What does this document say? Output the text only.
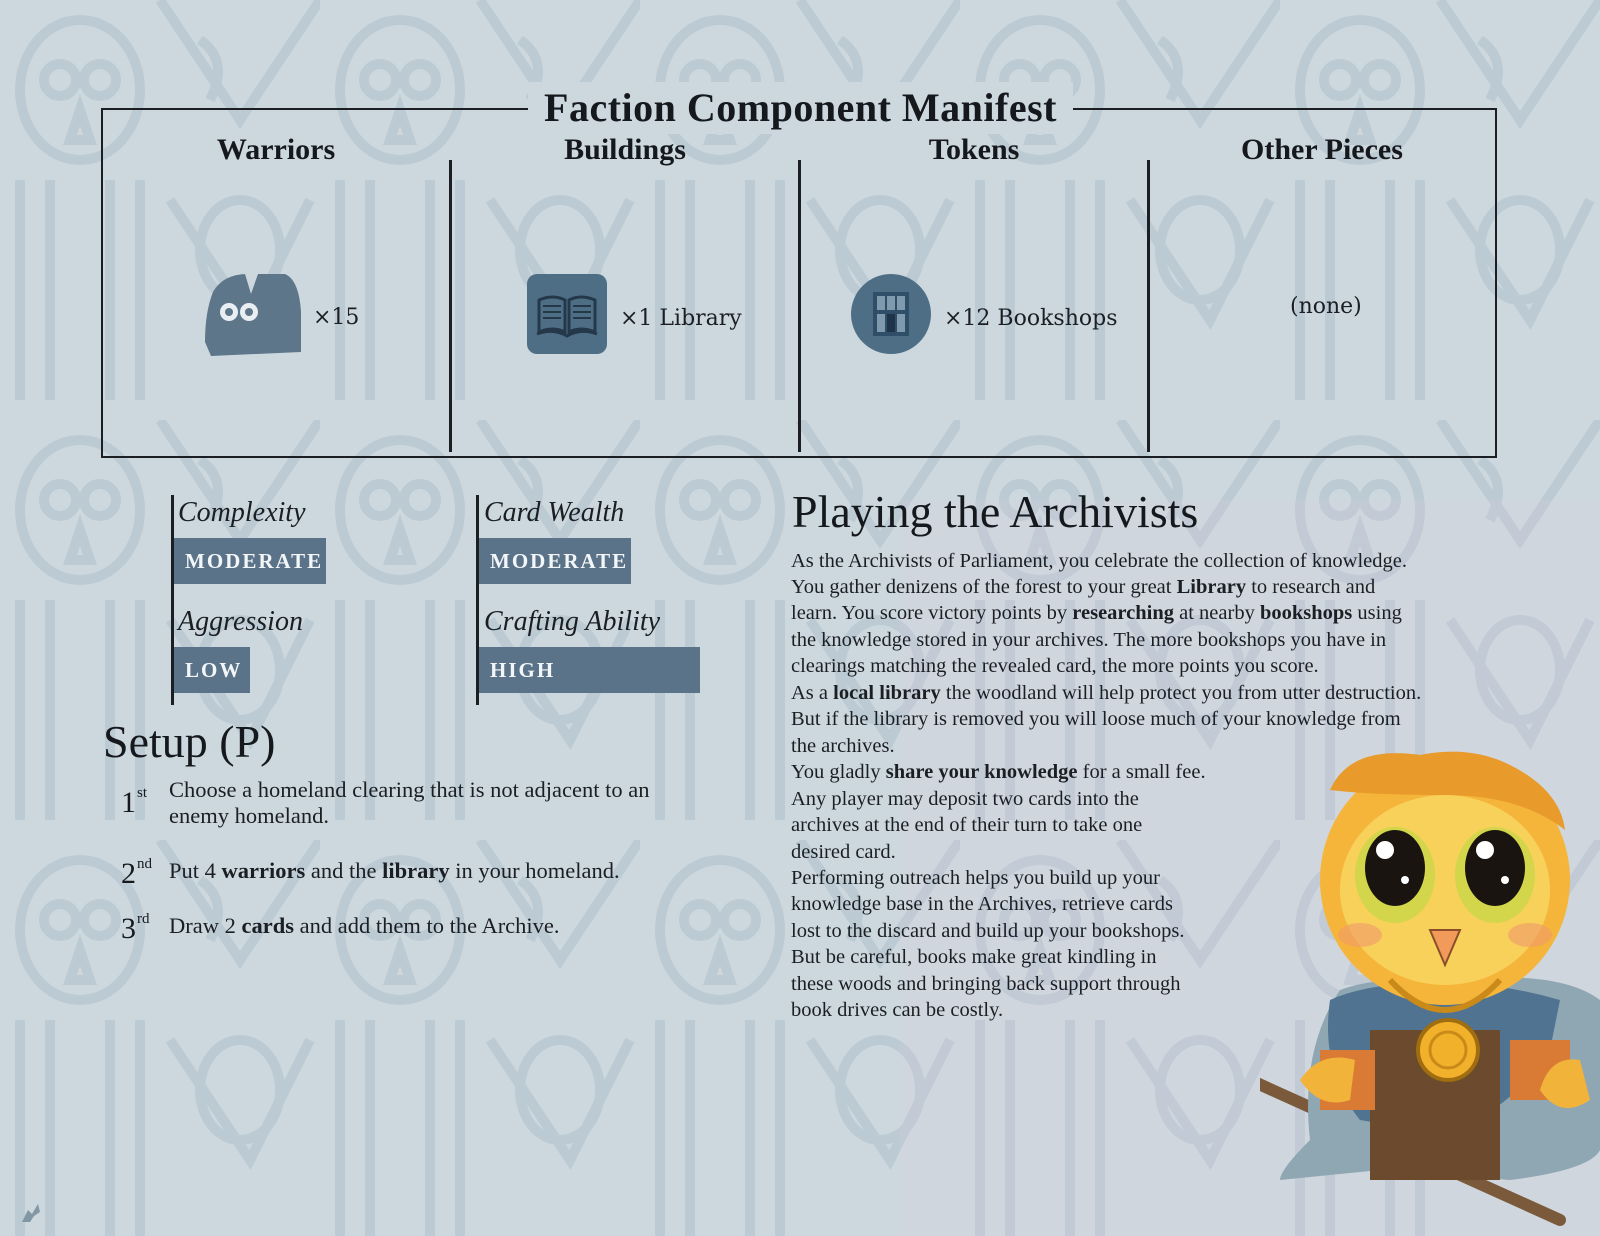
Faction Component Manifest
Warriors	Buildings	Tokens	Other Pieces
×15	×1 Library	×12 Bookshops	(none)
Complexity
MODERATE
Aggression
LOW
Card Wealth
MODERATE
Crafting Ability
HIGH
Setup (P)
1 st Choose a homeland clearing that is not adjacent to an
enemy homeland.
2 nd Put 4 warriors and the library in your homeland.
3 rd Draw 2 cards and add them to the Archive.
Playing the Archivists
As the Archivists of Parliament, you celebrate the collection of knowledge.
You gather denizens of the forest to your great Library to research and
learn. You score victory points by researching at nearby bookshops using
the knowledge stored in your archives. The more bookshops you have in
clearings matching the revealed card, the more points you score.
As a local library the woodland will help protect you from utter destruction.
But if the library is removed you will loose much of your knowledge from
the archives.
You gladly share your knowledge for a small fee.
Any player may deposit two cards into the
archives at the end of their turn to take one
desired card.
Performing outreach helps you build up your
knowledge base in the Archives, retrieve cards
lost to the discard and build up your bookshops.
But be careful, books make great kindling in
these woods and bringing back support through
book drives can be costly.
